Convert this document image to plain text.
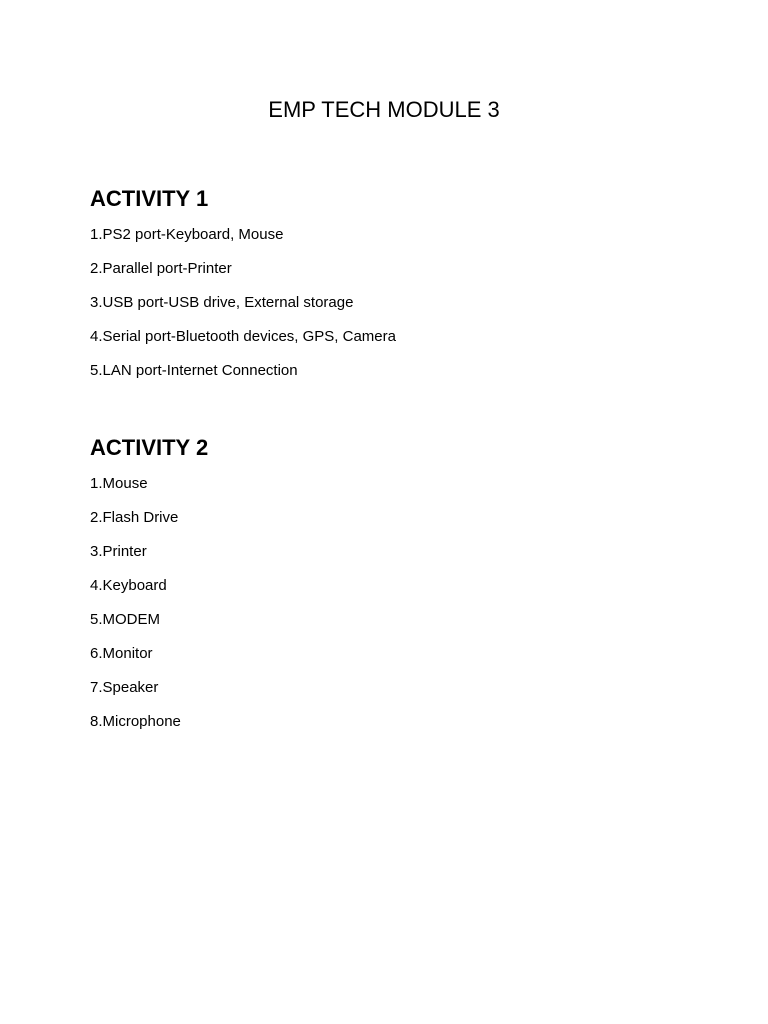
EMP TECH MODULE 3
ACTIVITY 1
1.PS2 port-Keyboard, Mouse
2.Parallel port-Printer
3.USB port-USB drive, External storage
4.Serial port-Bluetooth devices, GPS, Camera
5.LAN port-Internet Connection
ACTIVITY 2
1.Mouse
2.Flash Drive
3.Printer
4.Keyboard
5.MODEM
6.Monitor
7.Speaker
8.Microphone
